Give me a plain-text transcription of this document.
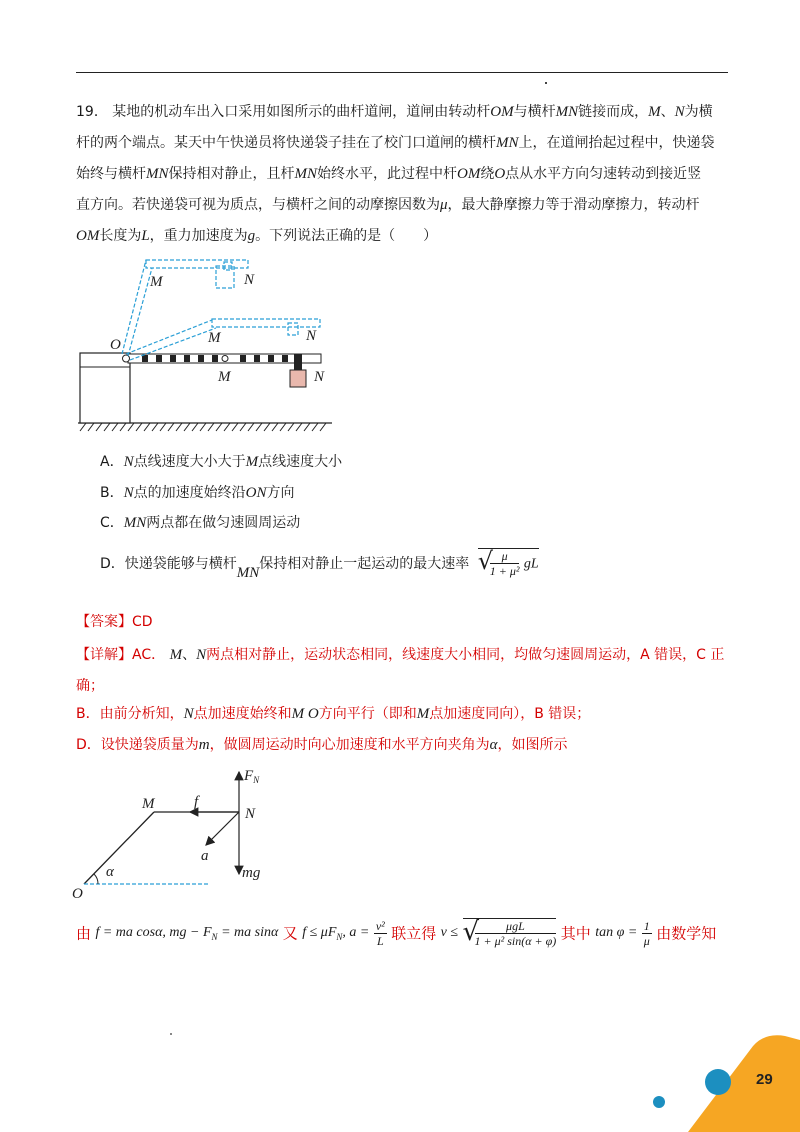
19． 某地的机动车出入口采用如图所示的曲杆道闸，道闸由转动杆OM与横杆MN链接而成，M、N为横
杆的两个端点。某天中午快递员将快递袋子挂在了校门口道闸的横杆MN上，在道闸抬起过程中，快递袋
始终与横杆MN保持相对静止，且杆MN始终水平，此过程中杆OM绕O点从水平方向匀速转动到接近竖
直方向。若快递袋可视为质点，与横杆之间的动摩擦因数为μ，最大静摩擦力等于滑动摩擦力，转动杆
OM长度为L，重力加速度为g。下列说法正确的是（　　）
M	N
M	N
O
M	N
A．N点线速度大小大于M点线速度大小
B．N点的加速度始终沿ON方向
C．MN两点都在做匀速圆周运动
D．快递袋能够与横杆MN保持相对静止一起运动的最大速率 √
$\frac{\mu}{\text{1 + μ²}}$ gL
【答案】CD
【详解】AC． M、N两点相对静止，运动状态相同，线速度大小相同，均做匀速圆周运动，A 错误，C 正
确；
B．由前分析知，N点加速度始终和M O方向平行（即和M点加速度同向），B 错误；
D．设快递袋质量为m，做圆周运动时向心加速度和水平方向夹角为α，如图所示
$F_N$
M	f
N
a
α	mg
O
由 f = ma cosα, mg − $F_N$ = ma sinα 又 $f \le \mu F_N$, $a = \frac{\text{v²}}{L}$ 联立得 v ≤ √
$\frac{\text{μgL}}{\text{1 + μ² sin(α + φ)}}$ 其中 $\tan \varphi = \frac{1}{\mu}$ 由数学知
29
